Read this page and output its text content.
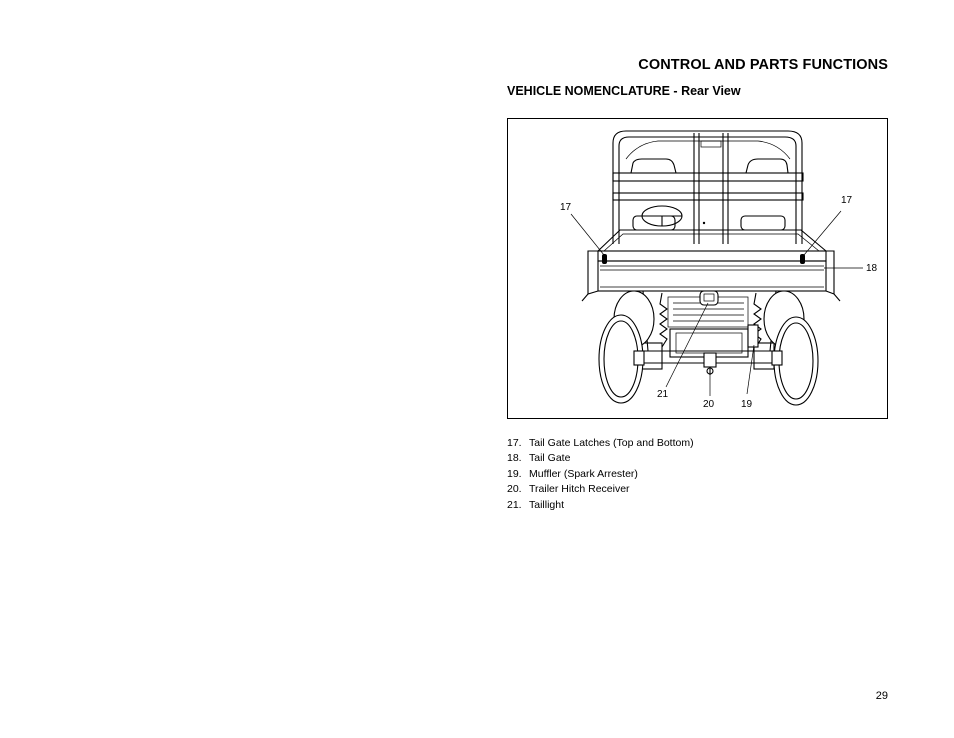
CONTROL AND PARTS FUNCTIONS
VEHICLE NOMENCLATURE - Rear View
17
17
18
19
20
21
17. Tail Gate Latches (Top and Bottom)
18. Tail Gate
19. Muffler (Spark Arrester)
20. Trailer Hitch Receiver
21. Taillight
29
